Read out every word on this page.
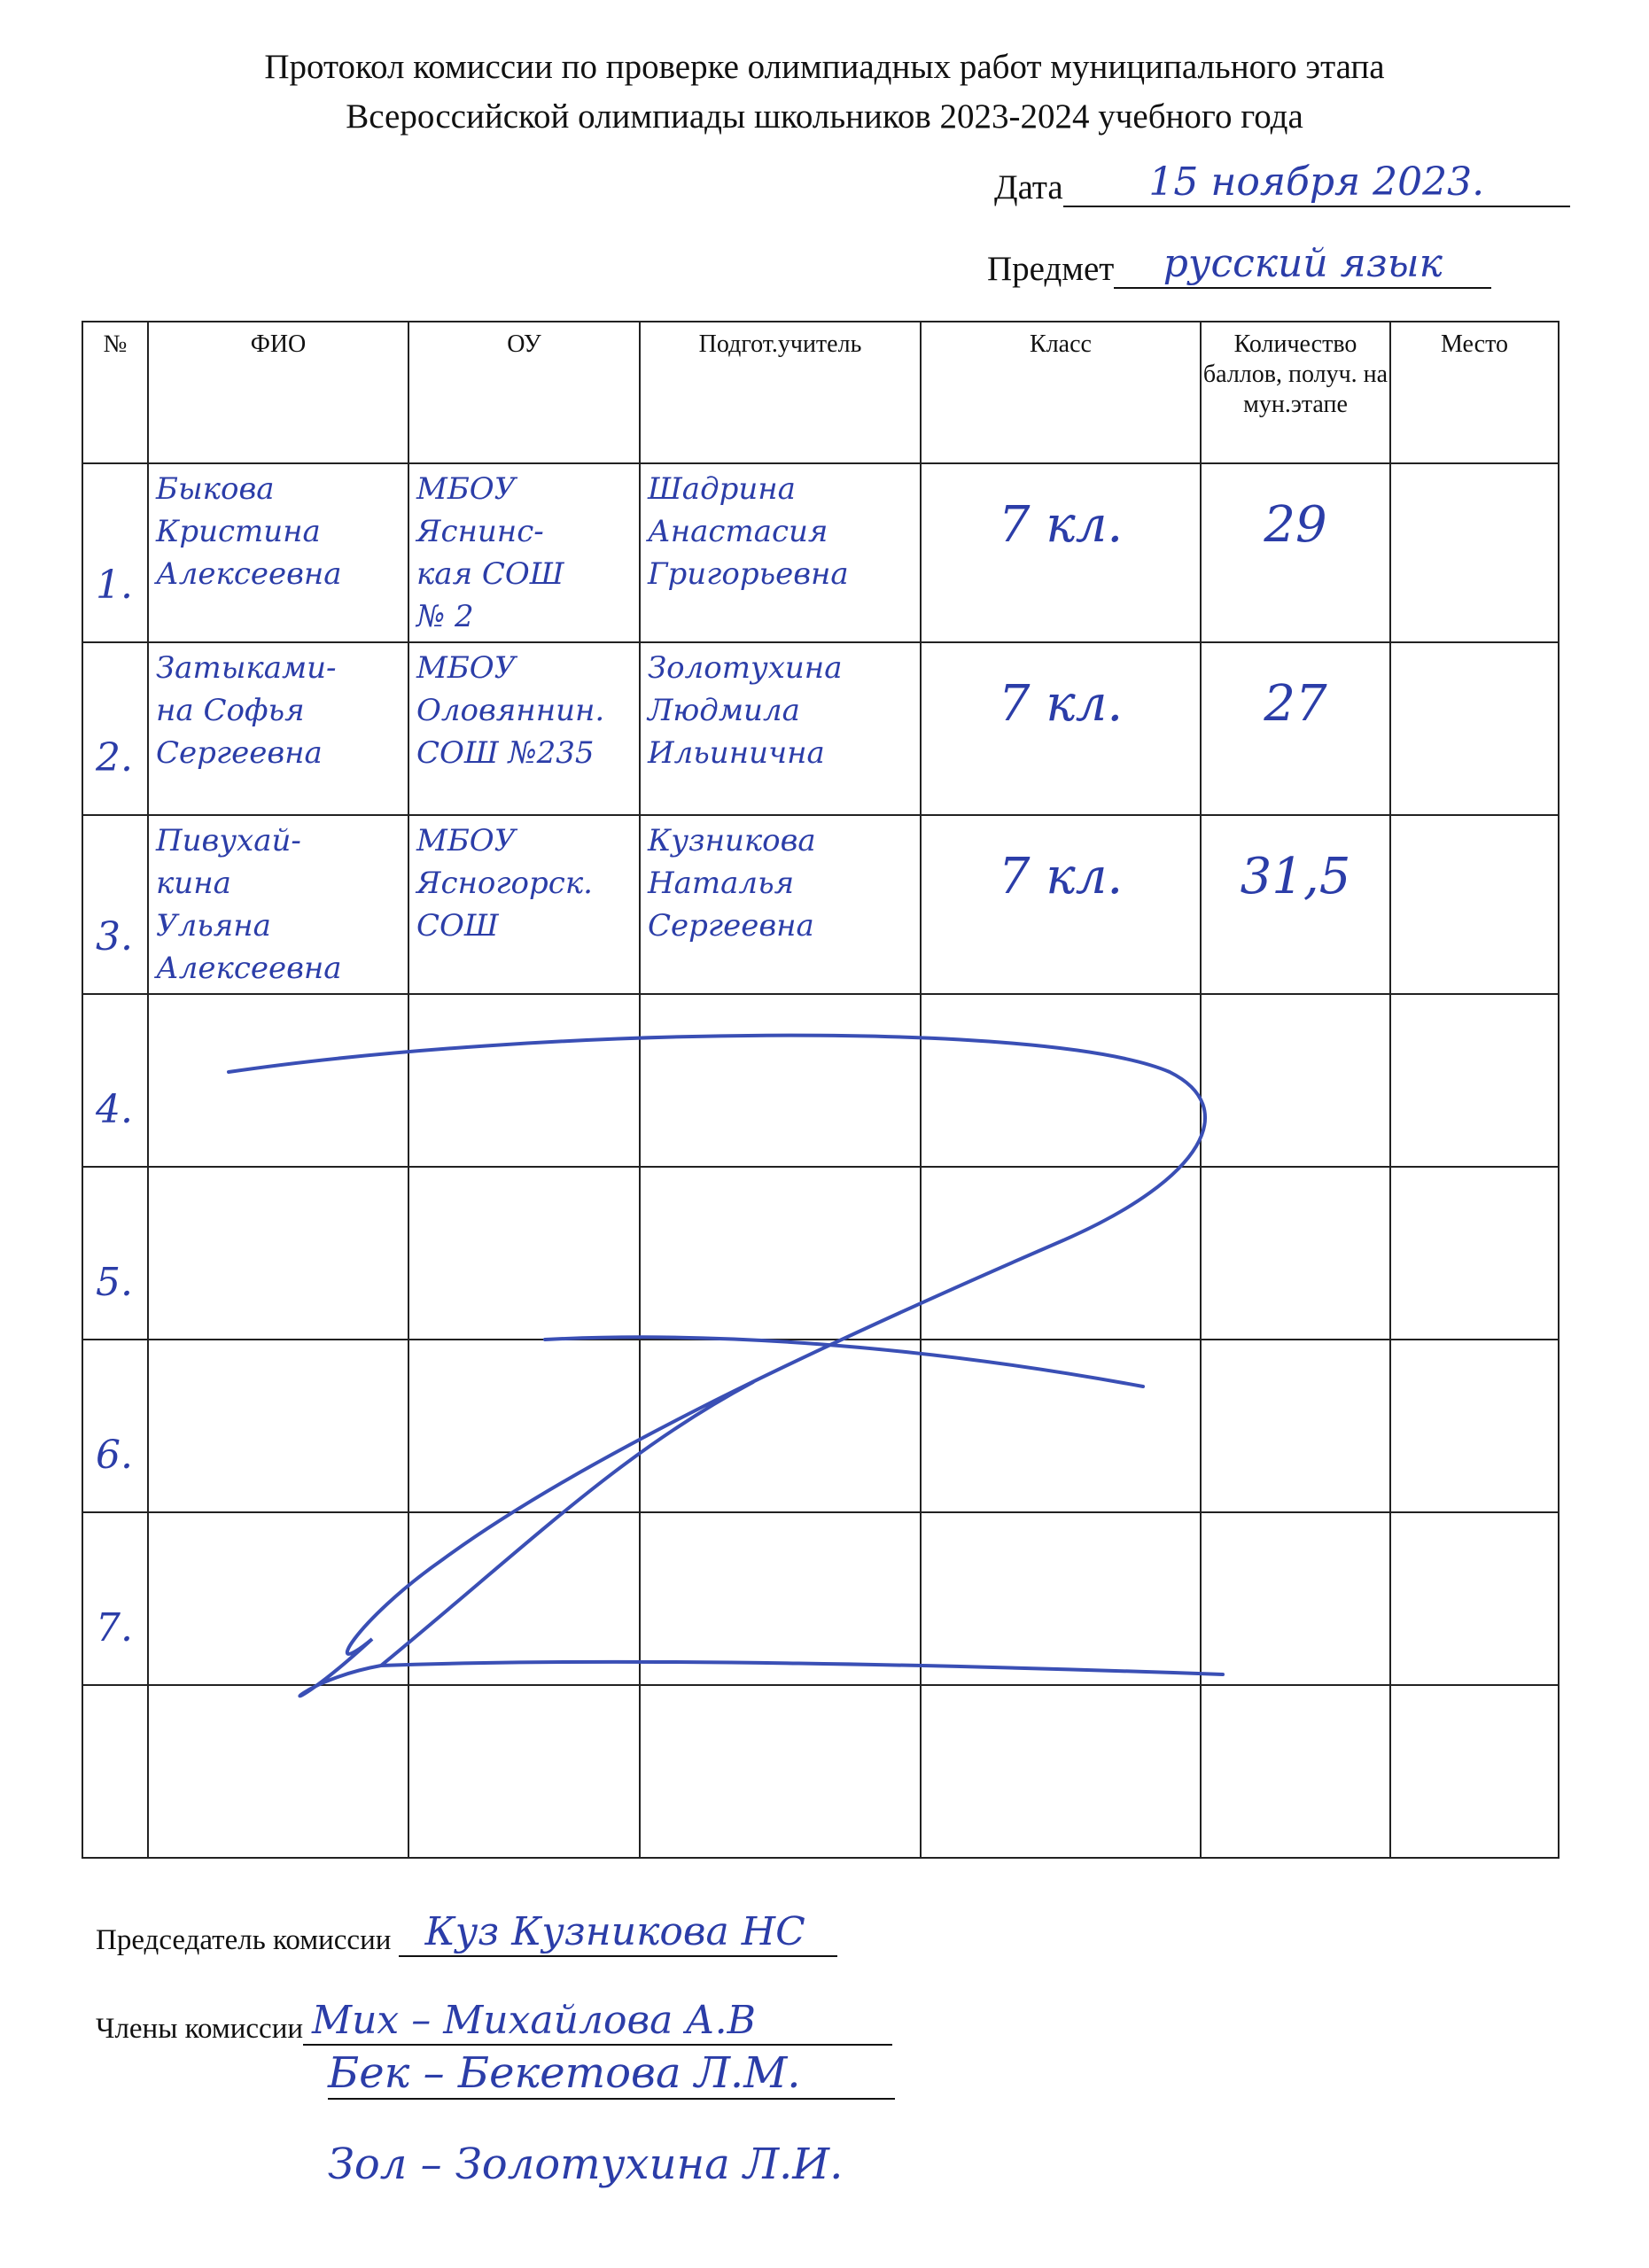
Протокол комиссии по проверке олимпиадных работ муниципального этапа
Всероссийской олимпиады школьников 2023-2024 учебного года
Дата 15 ноября 2023.
Предмет русский язык
№	ФИО	ОУ	Подгот.учитель	Класс	Количество баллов, получ. на мун.этапе	Место

1.	Быкова
Кристина
Алексеевна	МБОУ
Яснинс-
кая СОШ
№ 2	Шадрина
Анастасия
Григорьевна	7 кл.	29	

2.	Затыками-
на Софья
Сергеевна	МБОУ
Оловяннин.
СОШ №235	Золотухина
Людмила
Ильинична	7 кл.	27	

3.	Пивухай-
кина
Ульяна
Алексеевна	МБОУ
Ясногорск.
СОШ	Кузникова
Наталья
Сергеевна	7 кл.	31,5	

4.						

5.						

6.						

7.						

Председатель комиссии Куз Кузникова НС
Члены комиссии Мих – Михайлова А.В
Бек – Бекетова Л.М.
Зол – Золотухина Л.И.
